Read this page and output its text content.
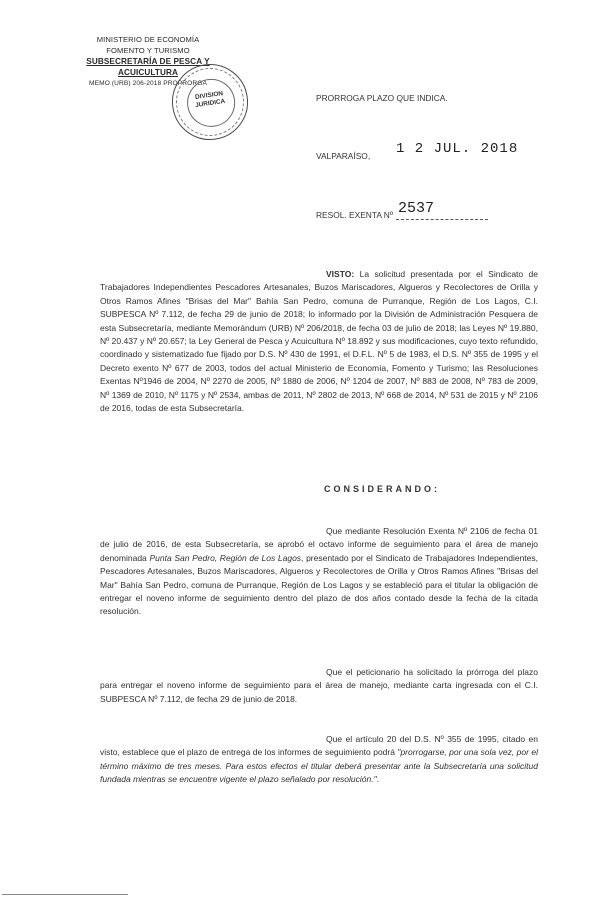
MINISTERIO DE ECONOMÍA
FOMENTO Y TURISMO
SUBSECRETARÍA DE PESCA Y ACUICULTURA
MEMO (URB) 206-2018 PROPRORGA
DIVISION
JURIDICA	PRORROGA PLAZO QUE INDICA.
VALPARAÍSO, 1 2 JUL. 2018
RESOL. EXENTA Nº 2537
VISTO: La solicitud presentada por el Sindicato de Trabajadores Independientes Pescadores Artesanales, Buzos Mariscadores, Algueros y Recolectores de Orilla y Otros Ramos Afines "Brisas del Mar" Bahía San Pedro, comuna de Purranque, Región de Los Lagos, C.I. SUBPESCA Nº 7.112, de fecha 29 de junio de 2018; lo informado por la División de Administración Pesquera de esta Subsecretaría, mediante Memorándum (URB) Nº 206/2018, de fecha 03 de julio de 2018; las Leyes Nº 19.880, Nº 20.437 y Nº 20.657; la Ley General de Pesca y Acuicultura Nº 18.892 y sus modificaciones, cuyo texto refundido, coordinado y sistematizado fue fijado por D.S. Nº 430 de 1991, el D.F.L. Nº 5 de 1983, el D.S. Nº 355 de 1995 y el Decreto exento Nº 677 de 2003, todos del actual Ministerio de Economía, Fomento y Turismo; las Resoluciones Exentas Nº1946 de 2004, Nº 2270 de 2005, Nº 1880 de 2006, Nº 1204 de 2007, Nº 883 de 2008, Nº 783 de 2009, Nº 1369 de 2010, Nº 1175 y Nº 2534, ambas de 2011, Nº 2802 de 2013, Nº 668 de 2014, Nº 531 de 2015 y Nº 2106 de 2016, todas de esta Subsecretaría.
CONSIDERANDO:
Que mediante Resolución Exenta Nº 2106 de fecha 01 de julio de 2016, de esta Subsecretaría, se aprobó el octavo informe de seguimiento para el área de manejo denominada Punta San Pedro, Región de Los Lagos, presentado por el Sindicato de Trabajadores Independientes, Pescadores Artesanales, Buzos Mariscadores, Algueros y Recolectores de Orilla y Otros Ramos Afines "Brisas del Mar" Bahía San Pedro, comuna de Purranque, Región de Los Lagos y se estableció para el titular la obligación de entregar el noveno informe de seguimiento dentro del plazo de dos años contado desde la fecha de la citada resolución.
Que el peticionario ha solicitado la prórroga del plazo para entregar el noveno informe de seguimiento para el área de manejo, mediante carta ingresada con el C.I. SUBPESCA Nº 7.112, de fecha 29 de junio de 2018.
Que el artículo 20 del D.S. Nº 355 de 1995, citado en visto, establece que el plazo de entrega de los informes de seguimiento podrá "prorrogarse, por una sola vez, por el término máximo de tres meses. Para estos efectos el titular deberá presentar ante la Subsecretaría una solicitud fundada mientras se encuentre vigente el plazo señalado por resolución.".
